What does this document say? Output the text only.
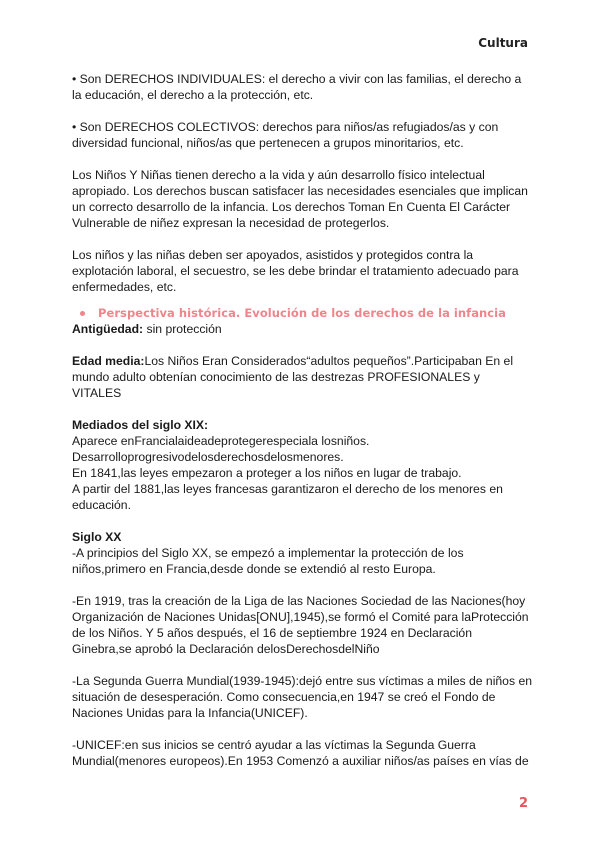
Cultura

• Son DERECHOS INDIVIDUALES: el derecho a vivir con las familias, el derecho a la educación, el derecho a la protección, etc.

• Son DERECHOS COLECTIVOS: derechos para niños/as refugiados/as y con diversidad funcional, niños/as que pertenecen a grupos minoritarios, etc.

Los Niños Y Niñas tienen derecho a la vida y aún desarrollo físico intelectual apropiado. Los derechos buscan satisfacer las necesidades esenciales que implican un correcto desarrollo de la infancia. Los derechos Toman En Cuenta El Carácter Vulnerable de niñez expresan la necesidad de protegerlos.

Los niños y las niñas deben ser apoyados, asistidos y protegidos contra la explotación laboral, el secuestro, se les debe brindar el tratamiento adecuado para enfermedades, etc.

Perspectiva histórica. Evolución de los derechos de la infancia

Antigüedad: sin protección

Edad media:Los Niños Eran Considerados“adultos pequeños”.Participaban En el mundo adulto obtenían conocimiento de las destrezas PROFESIONALES y VITALES

Mediados del siglo XIX:

Aparece enFrancialaideadeprotegerespeciala losniños.

Desarrolloprogresivodelosderechosdelosmenores.

En 1841,las leyes empezaron a proteger a los niños en lugar de trabajo.

A partir del 1881,las leyes francesas garantizaron el derecho de los menores en educación.

Siglo XX

-A principios del Siglo XX, se empezó a implementar la protección de los niños,primero en Francia,desde donde se extendió al resto Europa.

-En 1919, tras la creación de la Liga de las Naciones Sociedad de las Naciones(hoy Organización de Naciones Unidas[ONU],1945),se formó el Comité para laProtección de los Niños. Y 5 años después, el 16 de septiembre 1924 en Declaración Ginebra,se aprobó la Declaración delosDerechosdelNiño

-La Segunda Guerra Mundial(1939-1945):dejó entre sus víctimas a miles de niños en situación de desesperación. Como consecuencia,en 1947 se creó el Fondo de Naciones Unidas para la Infancia(UNICEF).

-UNICEF:en sus inicios se centró ayudar a las víctimas la Segunda Guerra Mundial(menores europeos).En 1953 Comenzó a auxiliar niños/as países en vías de

2
